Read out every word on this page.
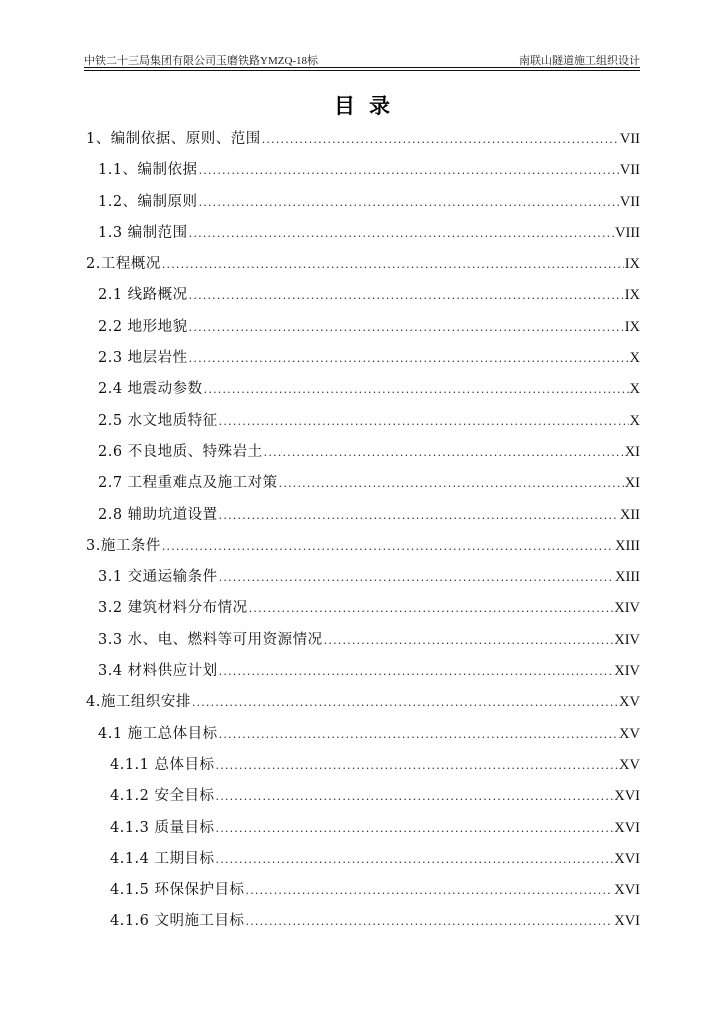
中铁二十三局集团有限公司玉磨铁路YMZQ-18标	南联山隧道施工组织设计
目录
1、编制依据、原则、范围 .....	VII
1.1、编制依据 .....	VII
1.2、编制原则 .....	VII
1.3 编制范围 .....	VIII
2.工程概况 .....	IX
2.1 线路概况 .....	IX
2.2 地形地貌 .....	IX
2.3 地层岩性 .....	X
2.4 地震动参数 .....	X
2.5 水文地质特征 .....	X
2.6 不良地质、特殊岩土 .....	XI
2.7 工程重难点及施工对策 .....	XI
2.8 辅助坑道设置 .....	XII
3.施工条件 .....	XIII
3.1 交通运输条件 .....	XIII
3.2 建筑材料分布情况 .....	XIV
3.3 水、电、燃料等可用资源情况 .....	XIV
3.4 材料供应计划 .....	XIV
4.施工组织安排 .....	XV
4.1 施工总体目标 .....	XV
4.1.1 总体目标 .....	XV
4.1.2 安全目标 .....	XVI
4.1.3 质量目标 .....	XVI
4.1.4 工期目标 .....	XVI
4.1.5 环保保护目标 .....	XVI
4.1.6 文明施工目标 .....	XVI
